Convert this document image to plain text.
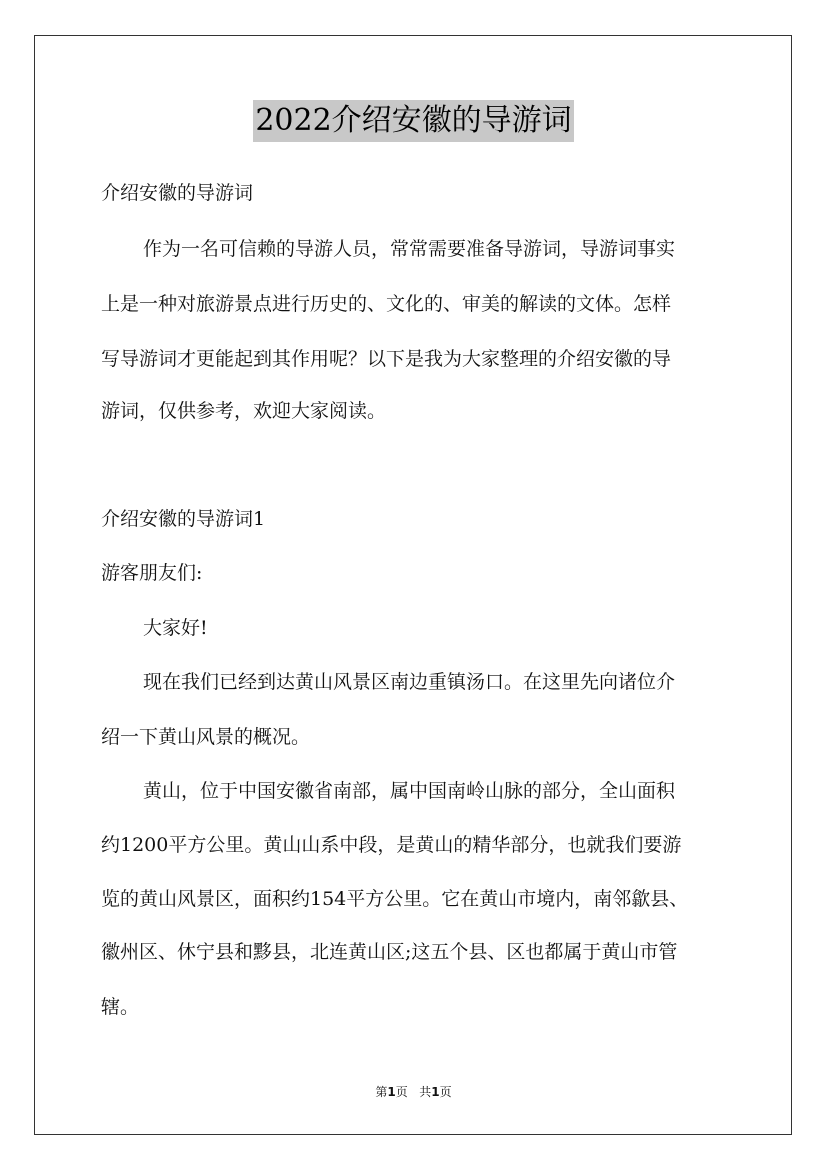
2022介绍安徽的导游词
介绍安徽的导游词
作为一名可信赖的导游人员，常常需要准备导游词，导游词事实
上是一种对旅游景点进行历史的、文化的、审美的解读的文体。怎样
写导游词才更能起到其作用呢？以下是我为大家整理的介绍安徽的导
游词，仅供参考，欢迎大家阅读。
介绍安徽的导游词1
游客朋友们:
大家好!
现在我们已经到达黄山风景区南边重镇汤口。在这里先向诸位介
绍一下黄山风景的概况。
黄山，位于中国安徽省南部，属中国南岭山脉的部分，全山面积
约1200平方公里。黄山山系中段，是黄山的精华部分，也就我们要游
览的黄山风景区，面积约154平方公里。它在黄山市境内，南邻歙县、
徽州区、休宁县和黟县，北连黄山区;这五个县、区也都属于黄山市管
辖。
第1页 共1页
